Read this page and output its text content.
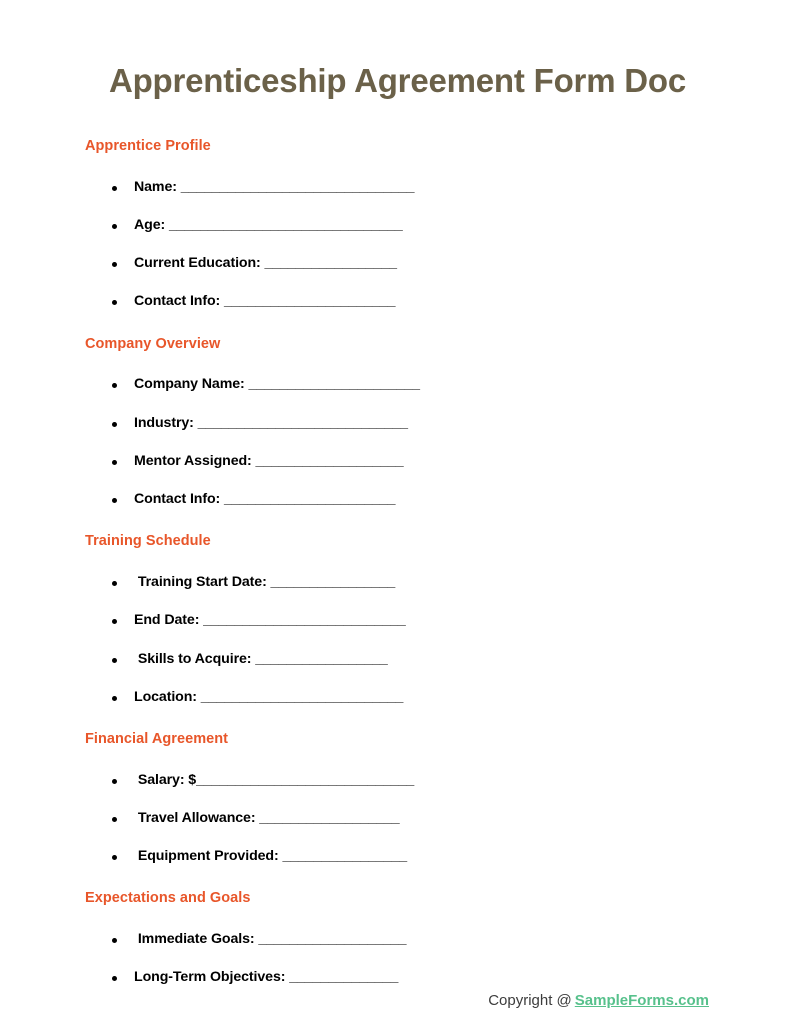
Apprenticeship Agreement Form Doc
Apprentice Profile
Name: ______________________________
Age: ______________________________
Current Education: _________________
Contact Info: ______________________
Company Overview
Company Name: ______________________
Industry: ___________________________
Mentor Assigned: ___________________
Contact Info: ______________________
Training Schedule
Training Start Date: ________________
End Date: __________________________
Skills to Acquire: _________________
Location: __________________________
Financial Agreement
Salary: $____________________________
Travel Allowance: __________________
Equipment Provided: ________________
Expectations and Goals
Immediate Goals: ___________________
Long-Term Objectives: ______________
Copyright @ SampleForms.com
